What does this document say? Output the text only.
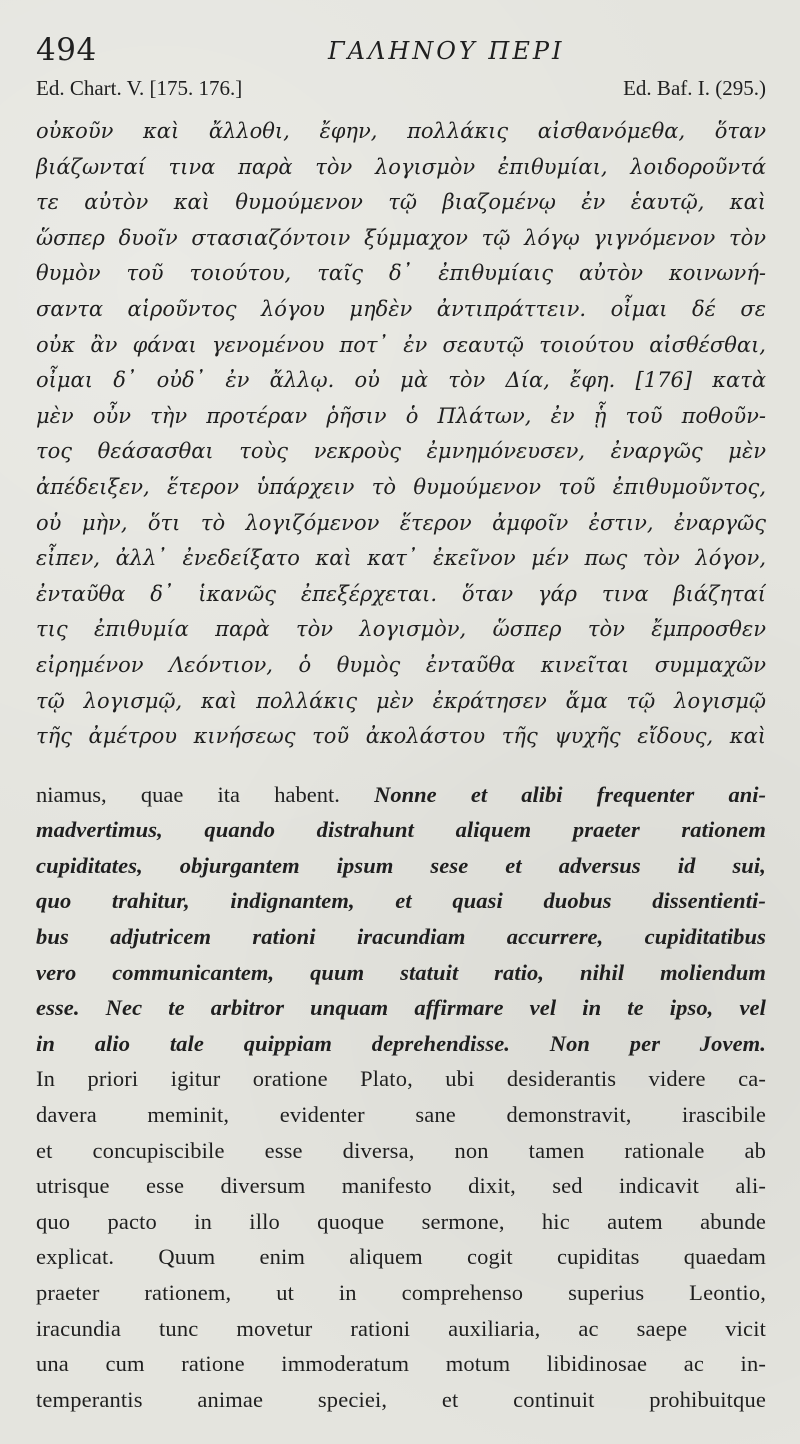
494	ΓΑΛΗΝΟΥ ΠΕΡΙ
Ed. Chart. V. [175. 176.]	Ed. Baf. I. (295.)
οὐκοῦν καὶ ἄλλοθι, ἔφην, πολλάκις αἰσθανόμεθα, ὅταν
βιάζωνταί τινα παρὰ τὸν λογισμὸν ἐπιθυμίαι, λοιδοροῦντά
τε αὐτὸν καὶ θυμούμενον τῷ βιαζομένῳ ἐν ἑαυτῷ, καὶ
ὥσπερ δυοῖν στασιαζόντοιν ξύμμαχον τῷ λόγῳ γιγνόμενον τὸν
θυμὸν τοῦ τοιούτου, ταῖς δ᾽ ἐπιθυμίαις αὐτὸν κοινωνή-
σαντα αἱροῦντος λόγου μηδὲν ἀντιπράττειν. οἶμαι δέ σε
οὐκ ἂν φάναι γενομένου ποτ᾽ ἐν σεαυτῷ τοιούτου αἰσθέσθαι,
οἶμαι δ᾽ οὐδ᾽ ἐν ἄλλῳ. οὐ μὰ τὸν Δία, ἔφη. [176] κατὰ
μὲν οὖν τὴν προτέραν ῥῆσιν ὁ Πλάτων, ἐν ᾗ τοῦ ποθοῦν-
τος θεάσασθαι τοὺς νεκροὺς ἐμνημόνευσεν, ἐναργῶς μὲν
ἀπέδειξεν, ἕτερον ὑπάρχειν τὸ θυμούμενον τοῦ ἐπιθυμοῦντος,
οὐ μὴν, ὅτι τὸ λογιζόμενον ἕτερον ἀμφοῖν ἐστιν, ἐναργῶς
εἶπεν, ἀλλ᾽ ἐνεδείξατο καὶ κατ᾽ ἐκεῖνον μέν πως τὸν λόγον,
ἐνταῦθα δ᾽ ἱκανῶς ἐπεξέρχεται. ὅταν γάρ τινα βιάζηταί
τις ἐπιθυμία παρὰ τὸν λογισμὸν, ὥσπερ τὸν ἔμπροσθεν
εἰρημένον Λεόντιον, ὁ θυμὸς ἐνταῦθα κινεῖται συμμαχῶν
τῷ λογισμῷ, καὶ πολλάκις μὲν ἐκράτησεν ἅμα τῷ λογισμῷ
τῆς ἀμέτρου κινήσεως τοῦ ἀκολάστου τῆς ψυχῆς εἴδους, καὶ
niamus, quae ita habent. Nonne et alibi frequenter ani-
madvertimus, quando distrahunt aliquem praeter rationem
cupiditates, objurgantem ipsum sese et adversus id sui,
quo trahitur, indignantem, et quasi duobus dissentienti-
bus adjutricem rationi iracundiam accurrere, cupiditatibus
vero communicantem, quum statuit ratio, nihil moliendum
esse. Nec te arbitror unquam affirmare vel in te ipso, vel
in alio tale quippiam deprehendisse. Non per Jovem.
In priori igitur oratione Plato, ubi desiderantis videre ca-
davera meminit, evidenter sane demonstravit, irascibile
et concupiscibile esse diversa, non tamen rationale ab
utrisque esse diversum manifesto dixit, sed indicavit ali-
quo pacto in illo quoque sermone, hic autem abunde
explicat. Quum enim aliquem cogit cupiditas quaedam
praeter rationem, ut in comprehenso superius Leontio,
iracundia tunc movetur rationi auxiliaria, ac saepe vicit
una cum ratione immoderatum motum libidinosae ac in-
temperantis animae speciei, et continuit prohibuitque
